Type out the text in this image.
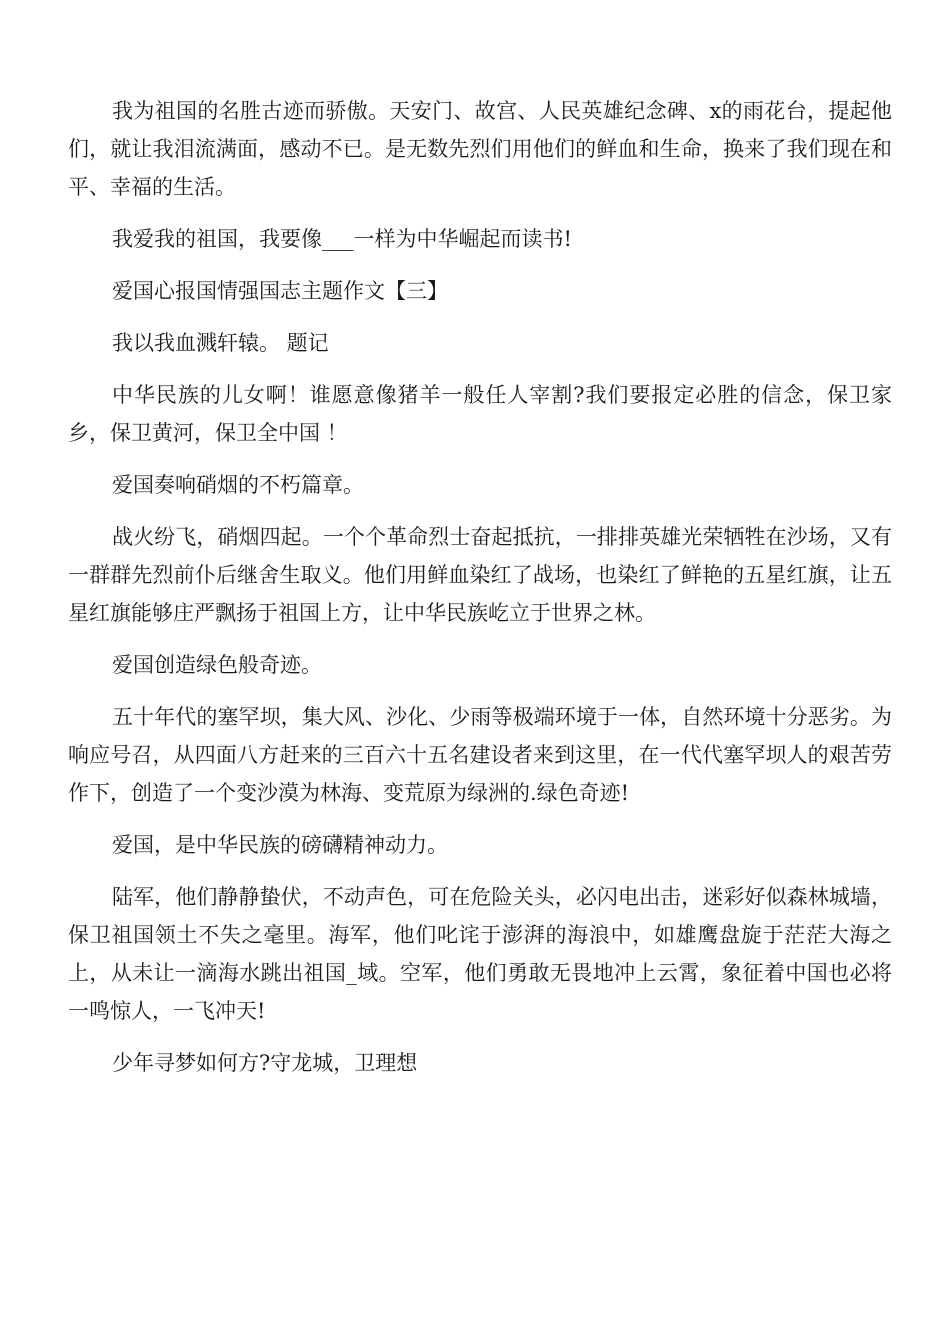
我为祖国的名胜古迹而骄傲。天安门、故宫、人民英雄纪念碑、x的雨花台，提起他们，就让我泪流满面，感动不已。是无数先烈们用他们的鲜血和生命，换来了我们现在和平、幸福的生活。

我爱我的祖国，我要像___一样为中华崛起而读书!

爱国心报国情强国志主题作文【三】

我以我血溅轩辕。 题记

中华民族的儿女啊！谁愿意像猪羊一般任人宰割?我们要报定必胜的信念，保卫家乡，保卫黄河，保卫全中国 ！

爱国奏响硝烟的不朽篇章。

战火纷飞，硝烟四起。一个个革命烈士奋起抵抗，一排排英雄光荣牺牲在沙场，又有一群群先烈前仆后继舍生取义。他们用鲜血染红了战场，也染红了鲜艳的五星红旗，让五星红旗能够庄严飘扬于祖国上方，让中华民族屹立于世界之林。

爱国创造绿色般奇迹。

五十年代的塞罕坝，集大风、沙化、少雨等极端环境于一体，自然环境十分恶劣。为响应号召，从四面八方赶来的三百六十五名建设者来到这里，在一代代塞罕坝人的艰苦劳作下，创造了一个变沙漠为林海、变荒原为绿洲的.绿色奇迹!

爱国，是中华民族的磅礴精神动力。

陆军，他们静静蛰伏，不动声色，可在危险关头，必闪电出击，迷彩好似森林城墙，保卫祖国领土不失之毫里。海军，他们叱诧于澎湃的海浪中，如雄鹰盘旋于茫茫大海之上，从未让一滴海水跳出祖国_域。空军，他们勇敢无畏地冲上云霄，象征着中国也必将一鸣惊人，一飞冲天!

少年寻梦如何方?守龙城，卫理想
